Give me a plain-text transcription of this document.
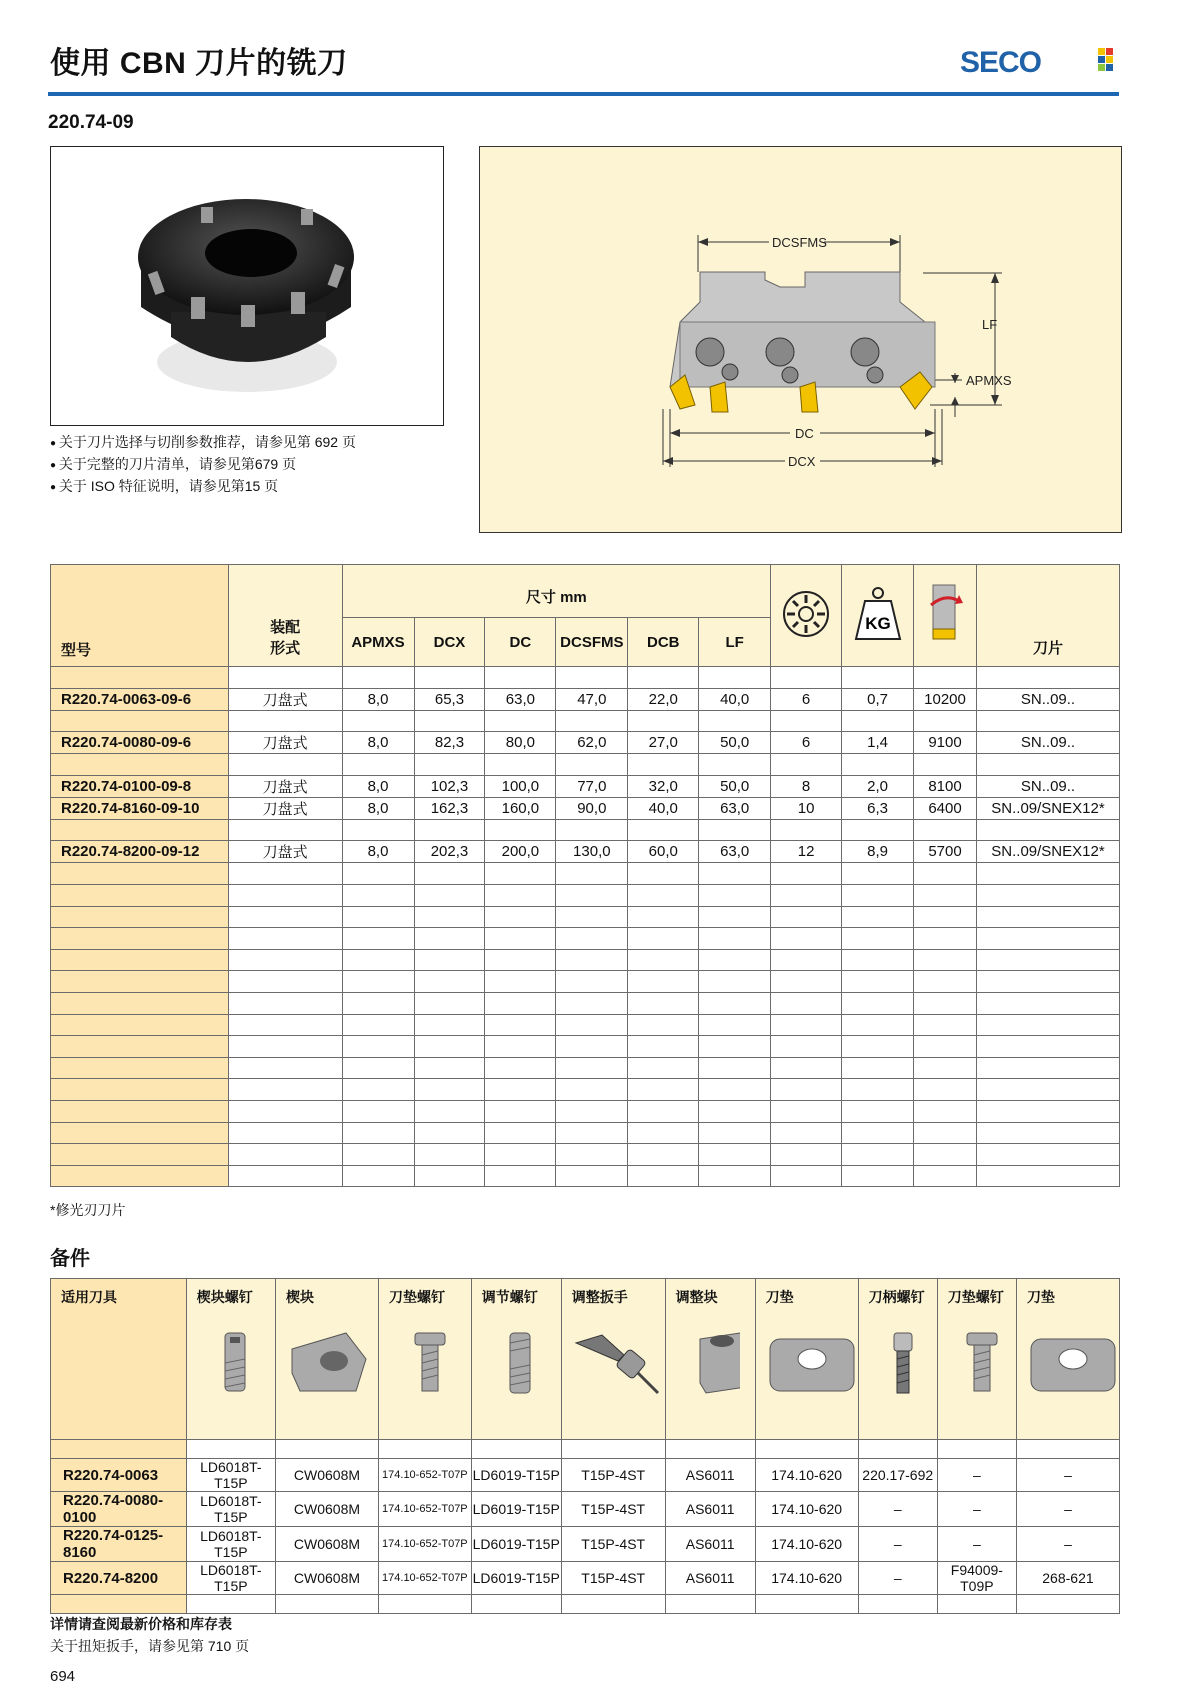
使用 CBN 刀片的铣刀	SECO
220.74-09
● 关于刀片选择与切削参数推荐，请参见第 692 页
● 关于完整的刀片清单，请参见第679 页
● 关于 ISO 特征说明，请参见第15 页
DCSFMS
LF
APMXS
DC
DCX
型号	装配
形式	尺寸 mm							KG		刀片
		APMXS	DCX	DC	DCSFMS	DCB	LF				

R220.74-0063-09-6	刀盘式	8,0	65,3	63,0	47,0	22,0	40,0	6	0,7	10200	SN..09..

R220.74-0080-09-6	刀盘式	8,0	82,3	80,0	62,0	27,0	50,0	6	1,4	9100	SN..09..

R220.74-0100-09-8	刀盘式	8,0	102,3	100,0	77,0	32,0	50,0	8	2,0	8100	SN..09..
R220.74-8160-09-10	刀盘式	8,0	162,3	160,0	90,0	40,0	63,0	10	6,3	6400	SN..09/SNEX12*

R220.74-8200-09-12	刀盘式	8,0	202,3	200,0	130,0	60,0	63,0	12	8,9	5700	SN..09/SNEX12*

*修光刃刀片
备件
适用刀具	楔块螺钉	楔块	刀垫螺钉	调节螺钉	调整扳手	调整块	刀垫	刀柄螺钉	刀垫螺钉	刀垫

R220.74-0063	LD6018T-T15P	CW0608M	174.10-652-T07P	LD6019-T15P	T15P-4ST	AS6011	174.10-620	220.17-692	–	–
R220.74-0080-0100	LD6018T-T15P	CW0608M	174.10-652-T07P	LD6019-T15P	T15P-4ST	AS6011	174.10-620	–	–	–
R220.74-0125-8160	LD6018T-T15P	CW0608M	174.10-652-T07P	LD6019-T15P	T15P-4ST	AS6011	174.10-620	–	–	–
R220.74-8200	LD6018T-T15P	CW0608M	174.10-652-T07P	LD6019-T15P	T15P-4ST	AS6011	174.10-620	–	F94009-T09P	268-621

详情请查阅最新价格和库存表
关于扭矩扳手，请参见第 710 页
694
